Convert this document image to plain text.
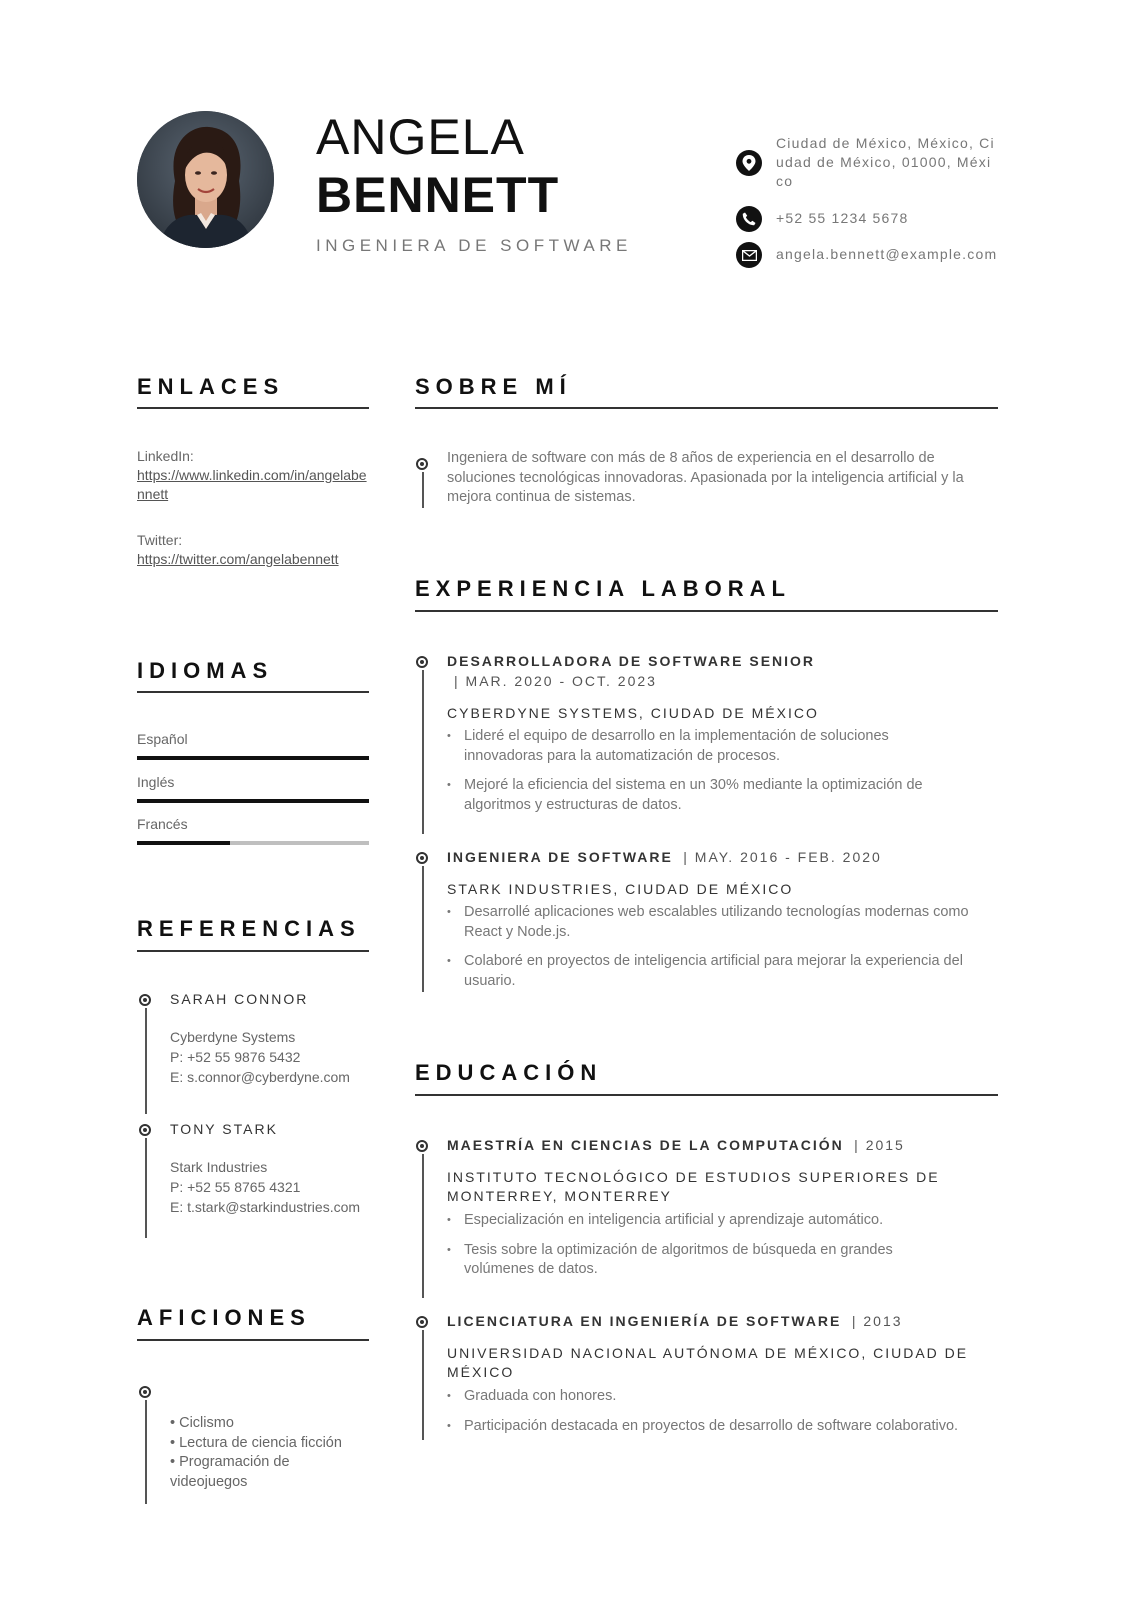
ANGELA
BENNETT
INGENIERA DE SOFTWARE
Ciudad de México, México, Ciudad de México, 01000, México
+52 55 1234 5678
angela.bennett@example.com
ENLACES
LinkedIn:
https://www.linkedin.com/in/angelabennett
Twitter:
https://twitter.com/angelabennett
IDIOMAS
Español
Inglés
Francés
REFERENCIAS
SARAH CONNOR
Cyberdyne Systems
P: +52 55 9876 5432
E: s.connor@cyberdyne.com
TONY STARK
Stark Industries
P: +52 55 8765 4321
E: t.stark@starkindustries.com
AFICIONES
• Ciclismo
• Lectura de ciencia ficción
• Programación de videojuegos
SOBRE MÍ
Ingeniera de software con más de 8 años de experiencia en el desarrollo de soluciones tecnológicas innovadoras. Apasionada por la inteligencia artificial y la mejora continua de sistemas.
EXPERIENCIA LABORAL
DESARROLLADORA DE SOFTWARE SENIOR
| MAR. 2020 - OCT. 2023
CYBERDYNE SYSTEMS, CIUDAD DE MÉXICO
• Lideré el equipo de desarrollo en la implementación de soluciones innovadoras para la automatización de procesos.
• Mejoré la eficiencia del sistema en un 30% mediante la optimización de algoritmos y estructuras de datos.
INGENIERA DE SOFTWARE | MAY. 2016 - FEB. 2020
STARK INDUSTRIES, CIUDAD DE MÉXICO
• Desarrollé aplicaciones web escalables utilizando tecnologías modernas como React y Node.js.
• Colaboré en proyectos de inteligencia artificial para mejorar la experiencia del usuario.
EDUCACIÓN
MAESTRÍA EN CIENCIAS DE LA COMPUTACIÓN | 2015
INSTITUTO TECNOLÓGICO DE ESTUDIOS SUPERIORES DE MONTERREY, MONTERREY
• Especialización en inteligencia artificial y aprendizaje automático.
• Tesis sobre la optimización de algoritmos de búsqueda en grandes volúmenes de datos.
LICENCIATURA EN INGENIERÍA DE SOFTWARE | 2013
UNIVERSIDAD NACIONAL AUTÓNOMA DE MÉXICO, CIUDAD DE MÉXICO
• Graduada con honores.
• Participación destacada en proyectos de desarrollo de software colaborativo.
